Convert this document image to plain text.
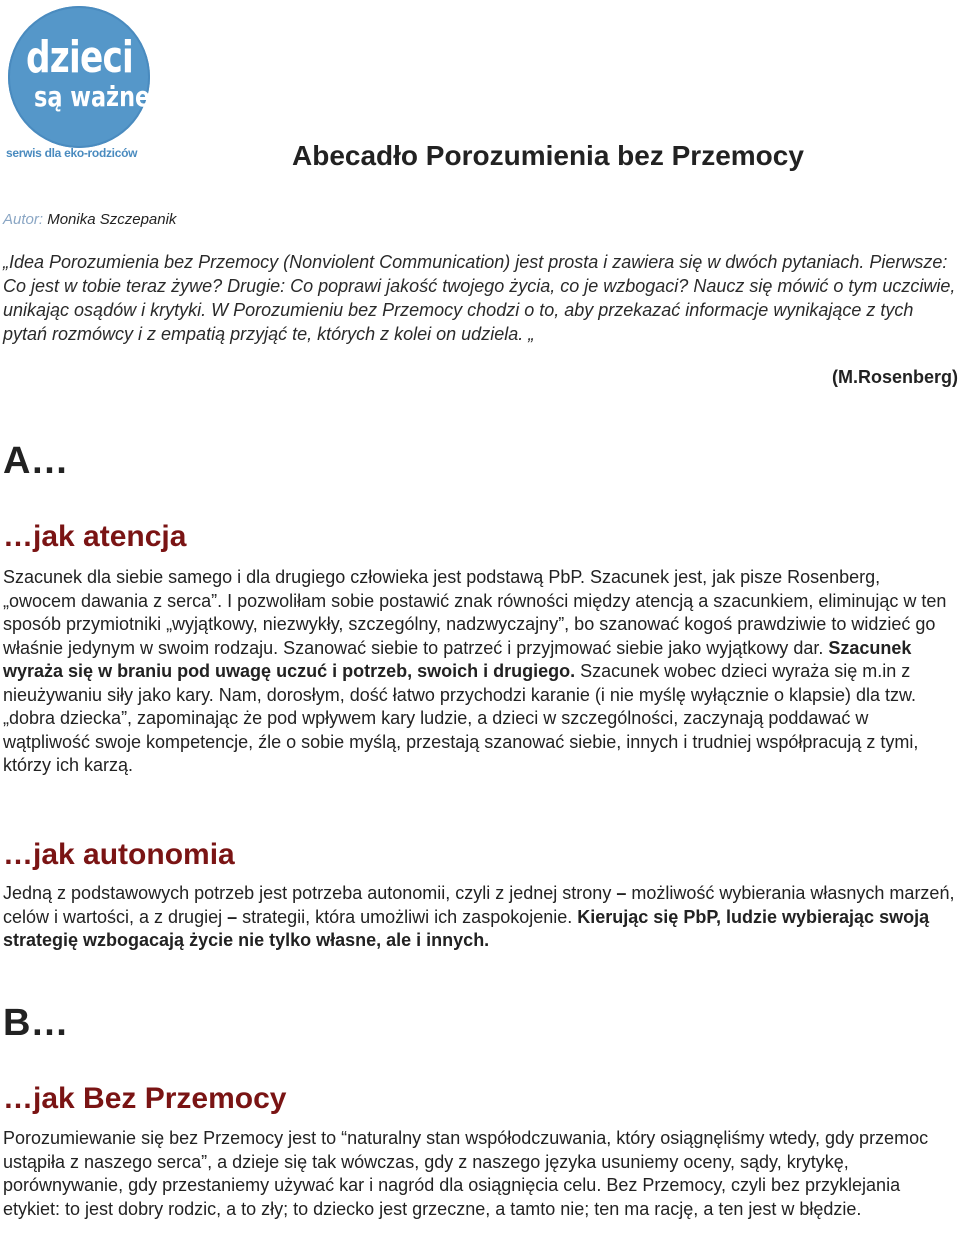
dzieci
są ważne
serwis dla eko-rodziców	Abecadło Porozumienia bez Przemocy
Autor: Monika Szczepanik

„Idea Porozumienia bez Przemocy (Nonviolent Communication) jest prosta i zawiera się w dwóch pytaniach. Pierwsze: Co jest w tobie teraz żywe? Drugie: Co poprawi jakość twojego życia, co je wzbogaci? Naucz się mówić o tym uczciwie, unikając osądów i krytyki. W Porozumieniu bez Przemocy chodzi o to, aby przekazać informacje wynikające z tych pytań rozmówcy i z empatią przyjąć te, których z kolei on udziela. „

(M.Rosenberg)
A…
…jak atencja

Szacunek dla siebie samego i dla drugiego człowieka jest podstawą PbP. Szacunek jest, jak pisze Rosenberg, „owocem dawania z serca”. I pozwoliłam sobie postawić znak równości między atencją a szacunkiem, eliminując w ten sposób przymiotniki „wyjątkowy, niezwykły, szczególny, nadzwyczajny”, bo szanować kogoś prawdziwie to widzieć go właśnie jedynym w swoim rodzaju. Szanować siebie to patrzeć i przyjmować siebie jako wyjątkowy dar. Szacunek wyraża się w braniu pod uwagę uczuć i potrzeb, swoich i drugiego. Szacunek wobec dzieci wyraża się m.in z nieużywaniu siły jako kary. Nam, dorosłym, dość łatwo przychodzi karanie (i nie myślę wyłącznie o klapsie) dla tzw. „dobra dziecka”, zapominając że pod wpływem kary ludzie, a dzieci w szczególności, zaczynają poddawać w wątpliwość swoje kompetencje, źle o sobie myślą, przestają szanować siebie, innych i trudniej współpracują z tymi, którzy ich karzą.

…jak autonomia

Jedną z podstawowych potrzeb jest potrzeba autonomii, czyli z jednej strony – możliwość wybierania własnych marzeń, celów i wartości, a z drugiej – strategii, która umożliwi ich zaspokojenie. Kierując się PbP, ludzie wybierając swoją strategię wzbogacają życie nie tylko własne, ale i innych.

B…
…jak Bez Przemocy

Porozumiewanie się bez Przemocy jest to “naturalny stan współodczuwania, który osiągnęliśmy wtedy, gdy przemoc ustąpiła z naszego serca”, a dzieje się tak wówczas, gdy z naszego języka usuniemy oceny, sądy, krytykę, porównywanie, gdy przestaniemy używać kar i nagród dla osiągnięcia celu. Bez Przemocy, czyli bez przyklejania etykiet: to jest dobry rodzic, a to zły; to dziecko jest grzeczne, a tamto nie; ten ma rację, a ten jest w błędzie.
